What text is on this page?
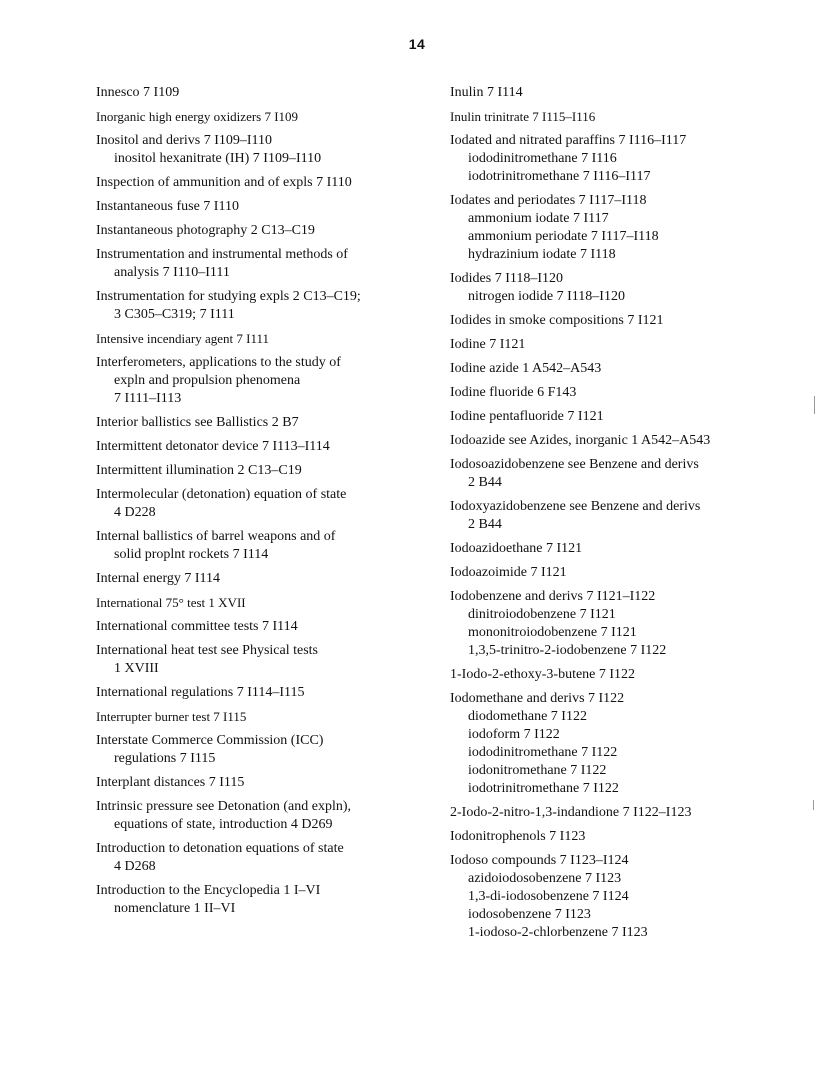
14
Innesco 7 I109
Inorganic high energy oxidizers 7 I109
Inositol and derivs 7 I109–I110
inositol hexanitrate (IH) 7 I109–I110
Inspection of ammunition and of expls 7 I110
Instantaneous fuse 7 I110
Instantaneous photography 2 C13–C19
Instrumentation and instrumental methods of
analysis 7 I110–I111
Instrumentation for studying expls 2 C13–C19;
3 C305–C319; 7 I111
Intensive incendiary agent 7 I111
Interferometers, applications to the study of
expln and propulsion phenomena
7 I111–I113
Interior ballistics see Ballistics 2 B7
Intermittent detonator device 7 I113–I114
Intermittent illumination 2 C13–C19
Intermolecular (detonation) equation of state
4 D228
Internal ballistics of barrel weapons and of
solid proplnt rockets 7 I114
Internal energy 7 I114
International 75° test 1 XVII
International committee tests 7 I114
International heat test see Physical tests
1 XVIII
International regulations 7 I114–I115
Interrupter burner test 7 I115
Interstate Commerce Commission (ICC)
regulations 7 I115
Interplant distances 7 I115
Intrinsic pressure see Detonation (and expln),
equations of state, introduction 4 D269
Introduction to detonation equations of state
4 D268
Introduction to the Encyclopedia 1 I–VI
nomenclature 1 II–VI
Inulin 7 I114
Inulin trinitrate 7 I115–I116
Iodated and nitrated paraffins 7 I116–I117
iododinitromethane 7 I116
iodotrinitromethane 7 I116–I117
Iodates and periodates 7 I117–I118
ammonium iodate 7 I117
ammonium periodate 7 I117–I118
hydrazinium iodate 7 I118
Iodides 7 I118–I120
nitrogen iodide 7 I118–I120
Iodides in smoke compositions 7 I121
Iodine 7 I121
Iodine azide 1 A542–A543
Iodine fluoride 6 F143
Iodine pentafluoride 7 I121
Iodoazide see Azides, inorganic 1 A542–A543
Iodosoazidobenzene see Benzene and derivs
2 B44
Iodoxyazidobenzene see Benzene and derivs
2 B44
Iodoazidoethane 7 I121
Iodoazoimide 7 I121
Iodobenzene and derivs 7 I121–I122
dinitroiodobenzene 7 I121
mononitroiodobenzene 7 I121
1,3,5-trinitro-2-iodobenzene 7 I122
1-Iodo-2-ethoxy-3-butene 7 I122
Iodomethane and derivs 7 I122
diodomethane 7 I122
iodoform 7 I122
iododinitromethane 7 I122
iodonitromethane 7 I122
iodotrinitromethane 7 I122
2-Iodo-2-nitro-1,3-indandione 7 I122–I123
Iodonitrophenols 7 I123
Iodoso compounds 7 I123–I124
azidoiodosobenzene 7 I123
1,3-di-iodosobenzene 7 I124
iodosobenzene 7 I123
1-iodoso-2-chlorbenzene 7 I123
